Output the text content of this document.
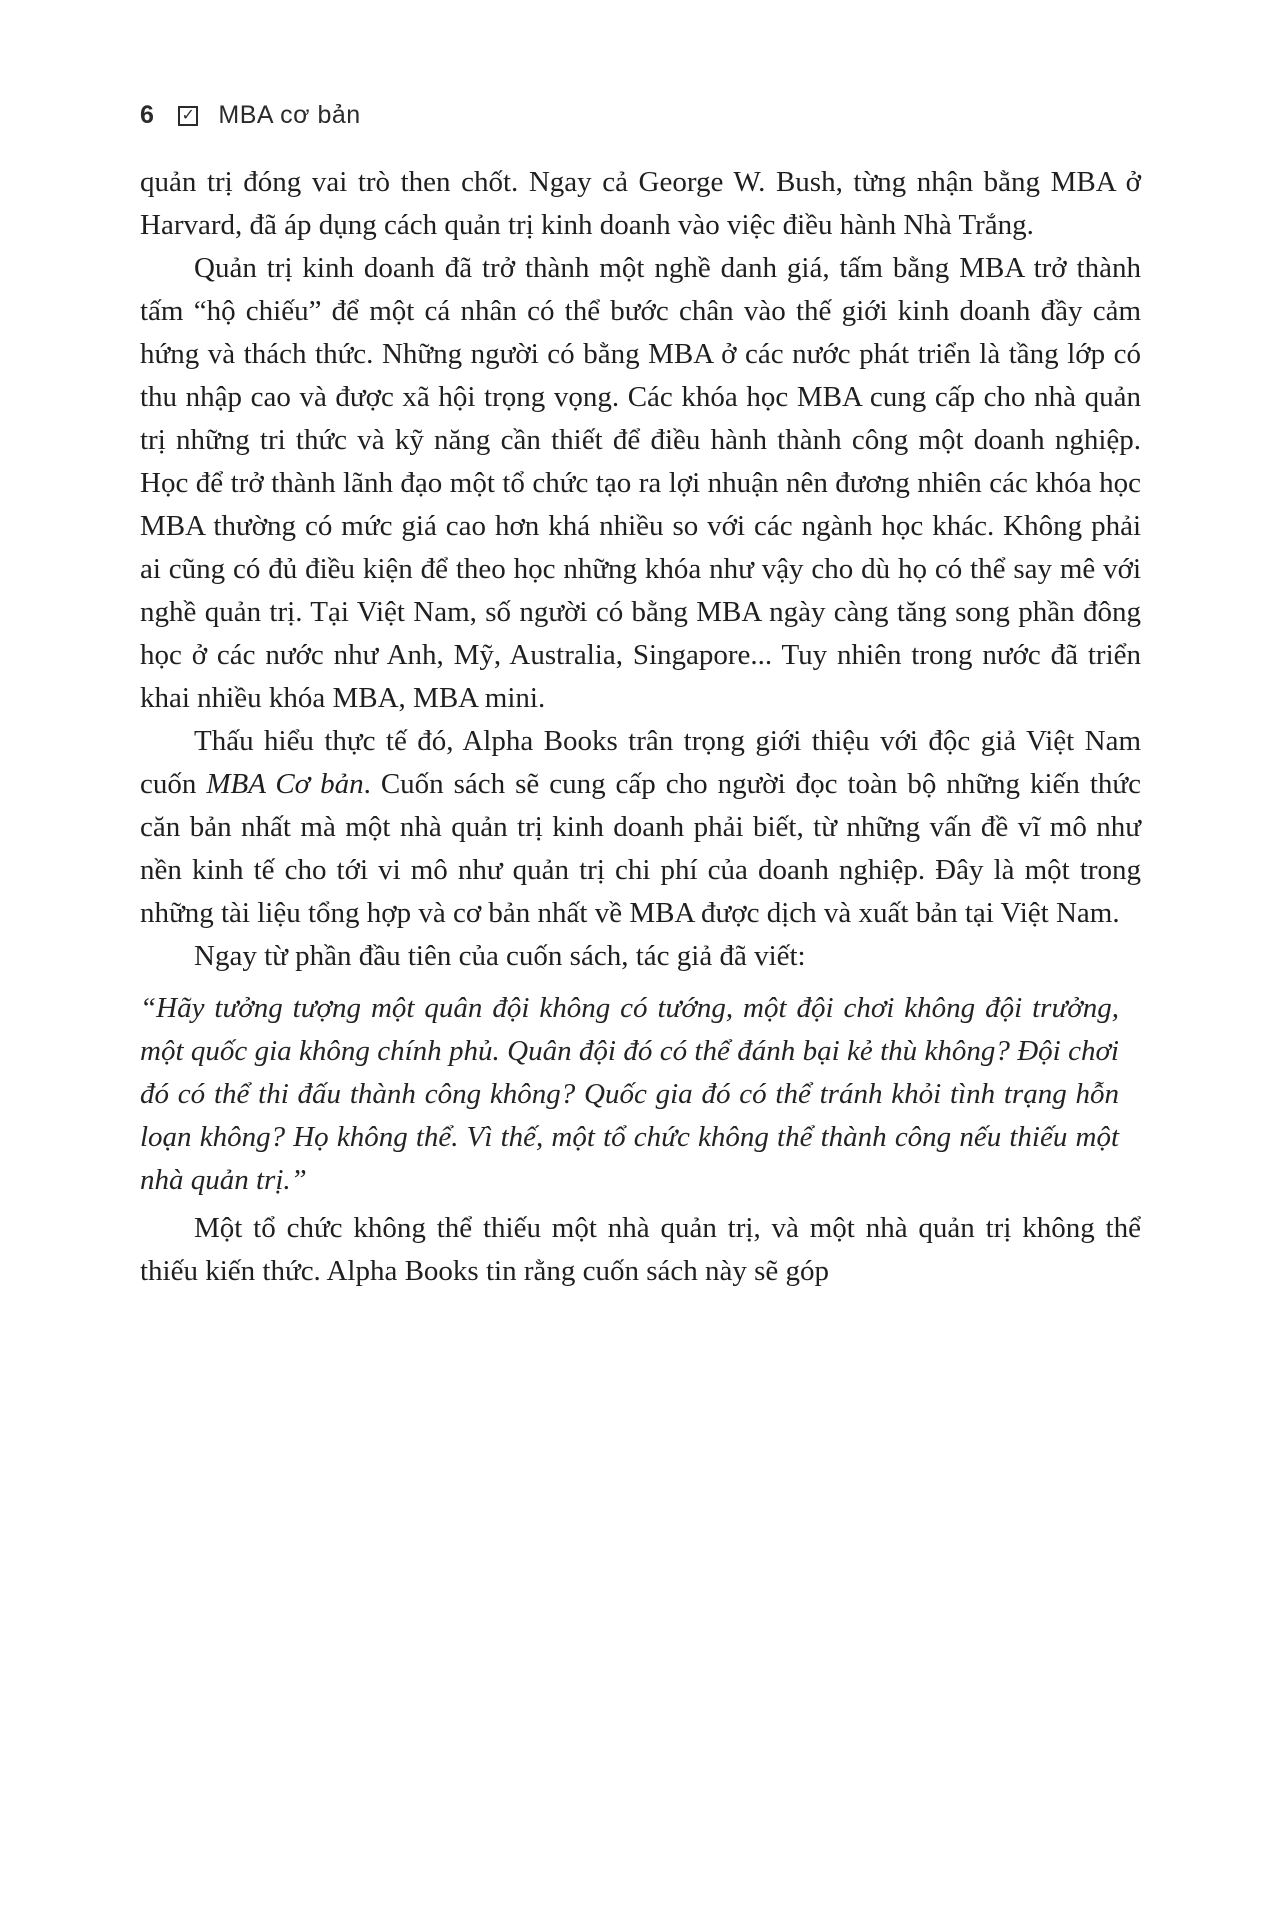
6 ✓ MBA cơ bản

quản trị đóng vai trò then chốt. Ngay cả George W. Bush, từng nhận bằng MBA ở Harvard, đã áp dụng cách quản trị kinh doanh vào việc điều hành Nhà Trắng.

Quản trị kinh doanh đã trở thành một nghề danh giá, tấm bằng MBA trở thành tấm “hộ chiếu” để một cá nhân có thể bước chân vào thế giới kinh doanh đầy cảm hứng và thách thức. Những người có bằng MBA ở các nước phát triển là tầng lớp có thu nhập cao và được xã hội trọng vọng. Các khóa học MBA cung cấp cho nhà quản trị những tri thức và kỹ năng cần thiết để điều hành thành công một doanh nghiệp. Học để trở thành lãnh đạo một tổ chức tạo ra lợi nhuận nên đương nhiên các khóa học MBA thường có mức giá cao hơn khá nhiều so với các ngành học khác. Không phải ai cũng có đủ điều kiện để theo học những khóa như vậy cho dù họ có thể say mê với nghề quản trị. Tại Việt Nam, số người có bằng MBA ngày càng tăng song phần đông học ở các nước như Anh, Mỹ, Australia, Singapore... Tuy nhiên trong nước đã triển khai nhiều khóa MBA, MBA mini.

Thấu hiểu thực tế đó, Alpha Books trân trọng giới thiệu với độc giả Việt Nam cuốn MBA Cơ bản. Cuốn sách sẽ cung cấp cho người đọc toàn bộ những kiến thức căn bản nhất mà một nhà quản trị kinh doanh phải biết, từ những vấn đề vĩ mô như nền kinh tế cho tới vi mô như quản trị chi phí của doanh nghiệp. Đây là một trong những tài liệu tổng hợp và cơ bản nhất về MBA được dịch và xuất bản tại Việt Nam.

Ngay từ phần đầu tiên của cuốn sách, tác giả đã viết:

“Hãy tưởng tượng một quân đội không có tướng, một đội chơi không đội trưởng, một quốc gia không chính phủ. Quân đội đó có thể đánh bại kẻ thù không? Đội chơi đó có thể thi đấu thành công không? Quốc gia đó có thể tránh khỏi tình trạng hỗn loạn không? Họ không thể. Vì thế, một tổ chức không thể thành công nếu thiếu một nhà quản trị.”

Một tổ chức không thể thiếu một nhà quản trị, và một nhà quản trị không thể thiếu kiến thức. Alpha Books tin rằng cuốn sách này sẽ góp
